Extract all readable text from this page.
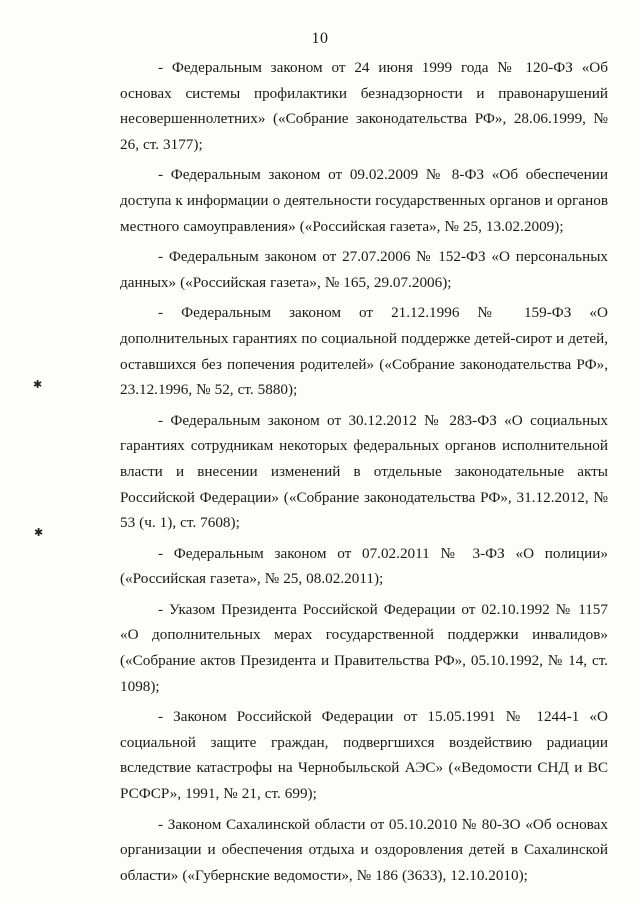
10
✱
✱

- Федеральным законом от 24 июня 1999 года № 120-ФЗ «Об основах системы профилактики безнадзорности и правонарушений несовершеннолетних» («Собрание законодательства РФ», 28.06.1999, № 26, ст. 3177);

- Федеральным законом от 09.02.2009 № 8-ФЗ «Об обеспечении доступа к информации о деятельности государственных органов и органов местного самоуправления» («Российская газета», № 25, 13.02.2009);

- Федеральным законом от 27.07.2006 № 152-ФЗ «О персональных данных» («Российская газета», № 165, 29.07.2006);

- Федеральным законом от 21.12.1996 № 159-ФЗ «О дополнительных гарантиях по социальной поддержке детей-сирот и детей, оставшихся без попечения родителей» («Собрание законодательства РФ», 23.12.1996, № 52, ст. 5880);

- Федеральным законом от 30.12.2012 № 283-ФЗ «О социальных гарантиях сотрудникам некоторых федеральных органов исполнительной власти и внесении изменений в отдельные законодательные акты Российской Федерации» («Собрание законодательства РФ», 31.12.2012, № 53 (ч. 1), ст. 7608);

- Федеральным законом от 07.02.2011 № 3-ФЗ «О полиции» («Российская газета», № 25, 08.02.2011);

- Указом Президента Российской Федерации от 02.10.1992 № 1157 «О дополнительных мерах государственной поддержки инвалидов» («Собрание актов Президента и Правительства РФ», 05.10.1992, № 14, ст. 1098);

- Законом Российской Федерации от 15.05.1991 № 1244-1 «О социальной защите граждан, подвергшихся воздействию радиации вследствие катастрофы на Чернобыльской АЭС» («Ведомости СНД и ВС РСФСР», 1991, № 21, ст. 699);

- Законом Сахалинской области от 05.10.2010 № 80-ЗО «Об основах организации и обеспечения отдыха и оздоровления детей в Сахалинской области» («Губернские ведомости», № 186 (3633), 12.10.2010);
